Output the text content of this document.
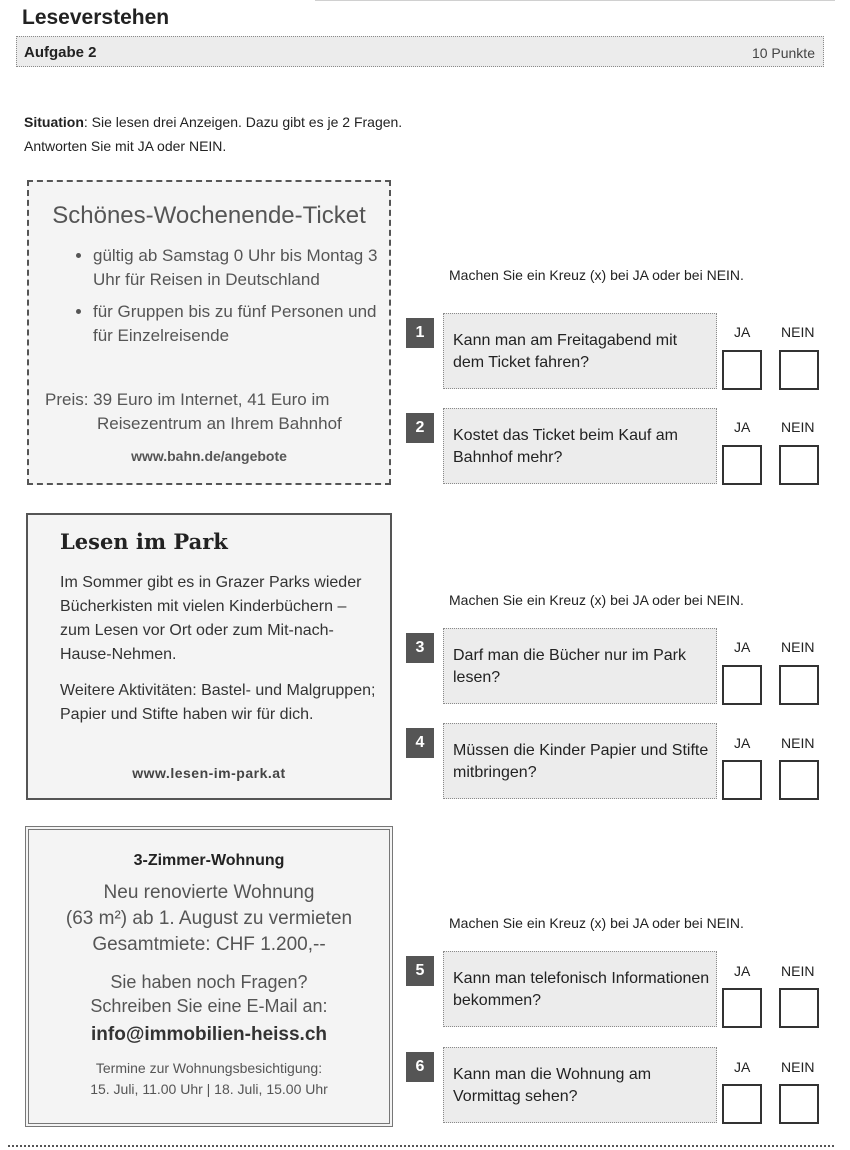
Leseverstehen
Aufgabe 2	10 Punkte
Situation: Sie lesen drei Anzeigen. Dazu gibt es je 2 Fragen.
Antworten Sie mit JA oder NEIN.
Schönes-Wochenende-Ticket
• gültig ab Samstag 0 Uhr bis Montag 3 Uhr für Reisen in Deutschland
• für Gruppen bis zu fünf Personen und für Einzelreisende
Preis: 39 Euro im Internet, 41 Euro im
Reisezentrum an Ihrem Bahnhof
www.bahn.de/angebote
Lesen im Park
Im Sommer gibt es in Grazer Parks wieder Bücherkisten mit vielen Kinderbüchern – zum Lesen vor Ort oder zum Mit-nach-Hause-Nehmen.
Weitere Aktivitäten: Bastel- und Malgruppen; Papier und Stifte haben wir für dich.
www.lesen-im-park.at
3-Zimmer-Wohnung
Neu renovierte Wohnung
(63 m²) ab 1. August zu vermieten
Gesamtmiete: CHF 1.200,--
Sie haben noch Fragen?
Schreiben Sie eine E-Mail an:
info@immobilien-heiss.ch
Termine zur Wohnungsbesichtigung:
15. Juli, 11.00 Uhr | 18. Juli, 15.00 Uhr
Machen Sie ein Kreuz (x) bei JA oder bei NEIN.
1	Kann man am Freitagabend mit dem Ticket fahren?
JA NEIN
2	Kostet das Ticket beim Kauf am Bahnhof mehr?
JA NEIN
Machen Sie ein Kreuz (x) bei JA oder bei NEIN.
3	Darf man die Bücher nur im Park lesen?
JA NEIN
4	Müssen die Kinder Papier und Stifte mitbringen?
JA NEIN
Machen Sie ein Kreuz (x) bei JA oder bei NEIN.
5	Kann man telefonisch Informationen bekommen?
JA NEIN
6	Kann man die Wohnung am Vormittag sehen?
JA NEIN
